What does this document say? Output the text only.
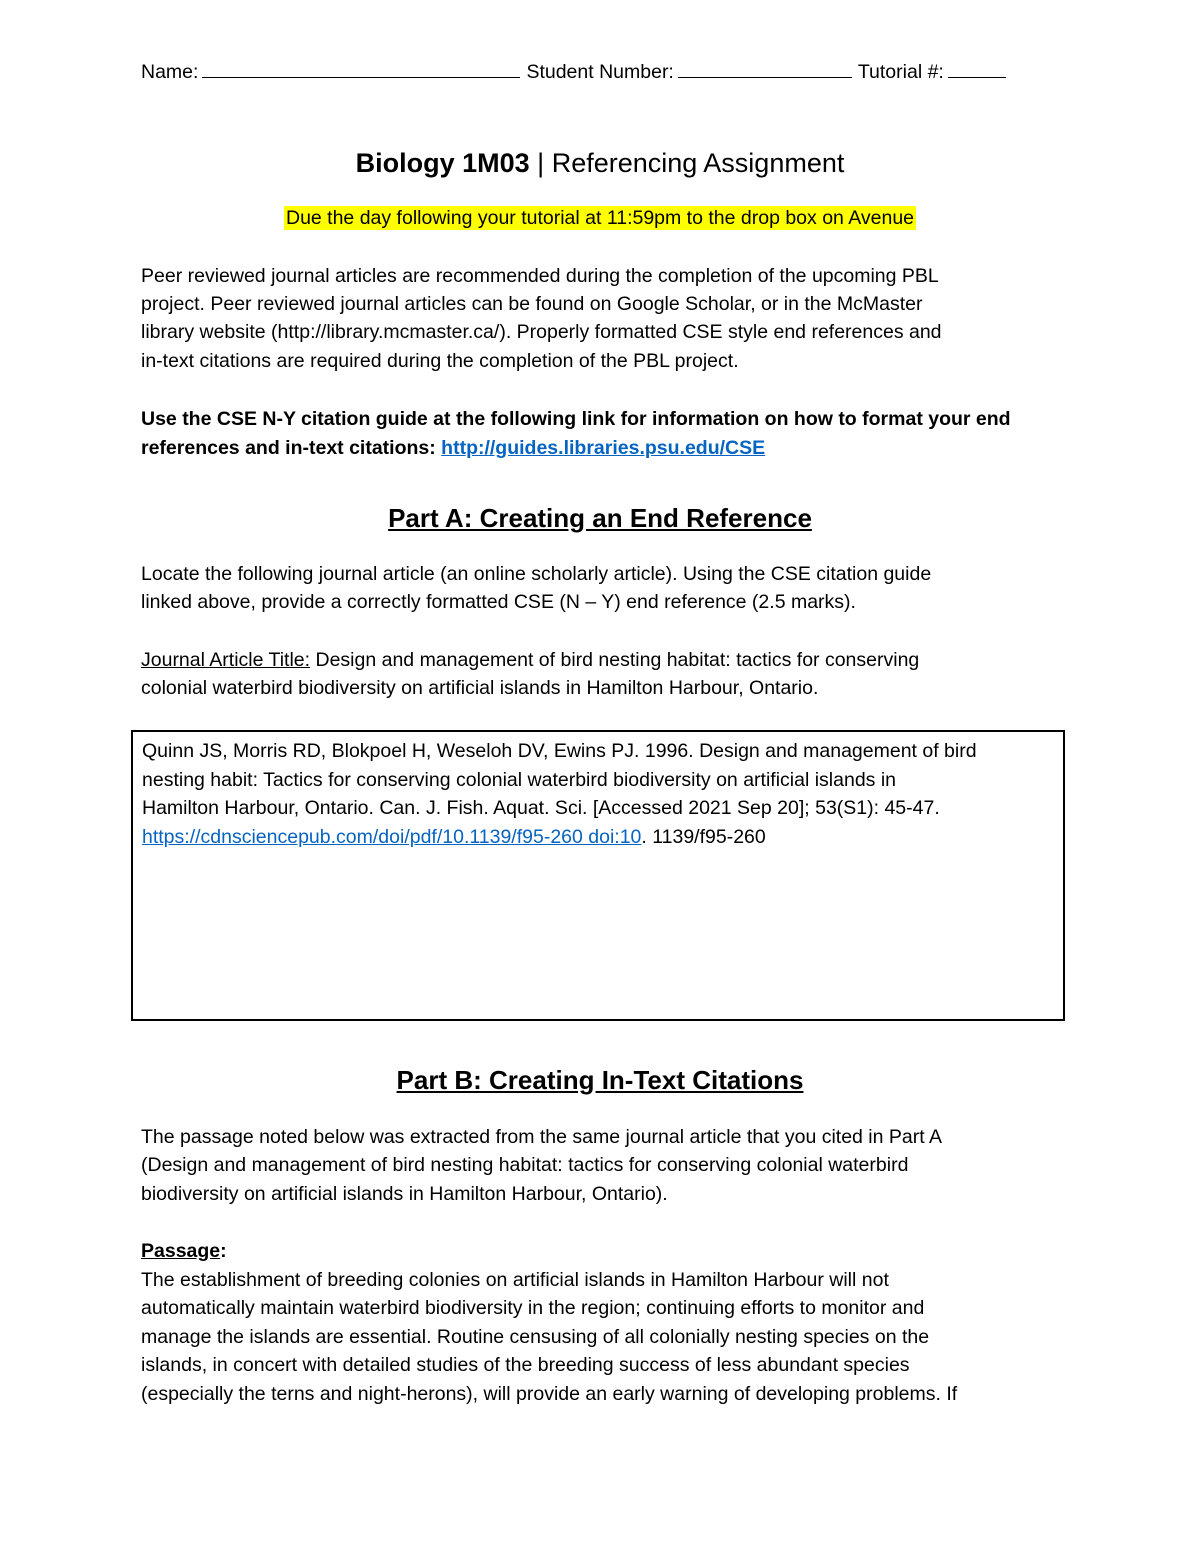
Name:	Student Number:	Tutorial #:
Biology 1M03 | Referencing Assignment
Due the day following your tutorial at 11:59pm to the drop box on Avenue
Peer reviewed journal articles are recommended during the completion of the upcoming PBL
project. Peer reviewed journal articles can be found on Google Scholar, or in the McMaster
library website (http://library.mcmaster.ca/). Properly formatted CSE style end references and
in-text citations are required during the completion of the PBL project.
Use the CSE N-Y citation guide at the following link for information on how to format your end
references and in-text citations: http://guides.libraries.psu.edu/CSE
Part A: Creating an End Reference
Locate the following journal article (an online scholarly article). Using the CSE citation guide
linked above, provide a correctly formatted CSE (N – Y) end reference (2.5 marks).
Journal Article Title: Design and management of bird nesting habitat: tactics for conserving
colonial waterbird biodiversity on artificial islands in Hamilton Harbour, Ontario.
Quinn JS, Morris RD, Blokpoel H, Weseloh DV, Ewins PJ. 1996. Design and management of bird
nesting habit: Tactics for conserving colonial waterbird biodiversity on artificial islands in
Hamilton Harbour, Ontario. Can. J. Fish. Aquat. Sci. [Accessed 2021 Sep 20]; 53(S1): 45-47.
https://cdnsciencepub.com/doi/pdf/10.1139/f95-260 doi:10. 1139/f95-260
Part B: Creating In-Text Citations
The passage noted below was extracted from the same journal article that you cited in Part A
(Design and management of bird nesting habitat: tactics for conserving colonial waterbird
biodiversity on artificial islands in Hamilton Harbour, Ontario).
Passage:
The establishment of breeding colonies on artificial islands in Hamilton Harbour will not
automatically maintain waterbird biodiversity in the region; continuing efforts to monitor and
manage the islands are essential. Routine censusing of all colonially nesting species on the
islands, in concert with detailed studies of the breeding success of less abundant species
(especially the terns and night-herons), will provide an early warning of developing problems. If
